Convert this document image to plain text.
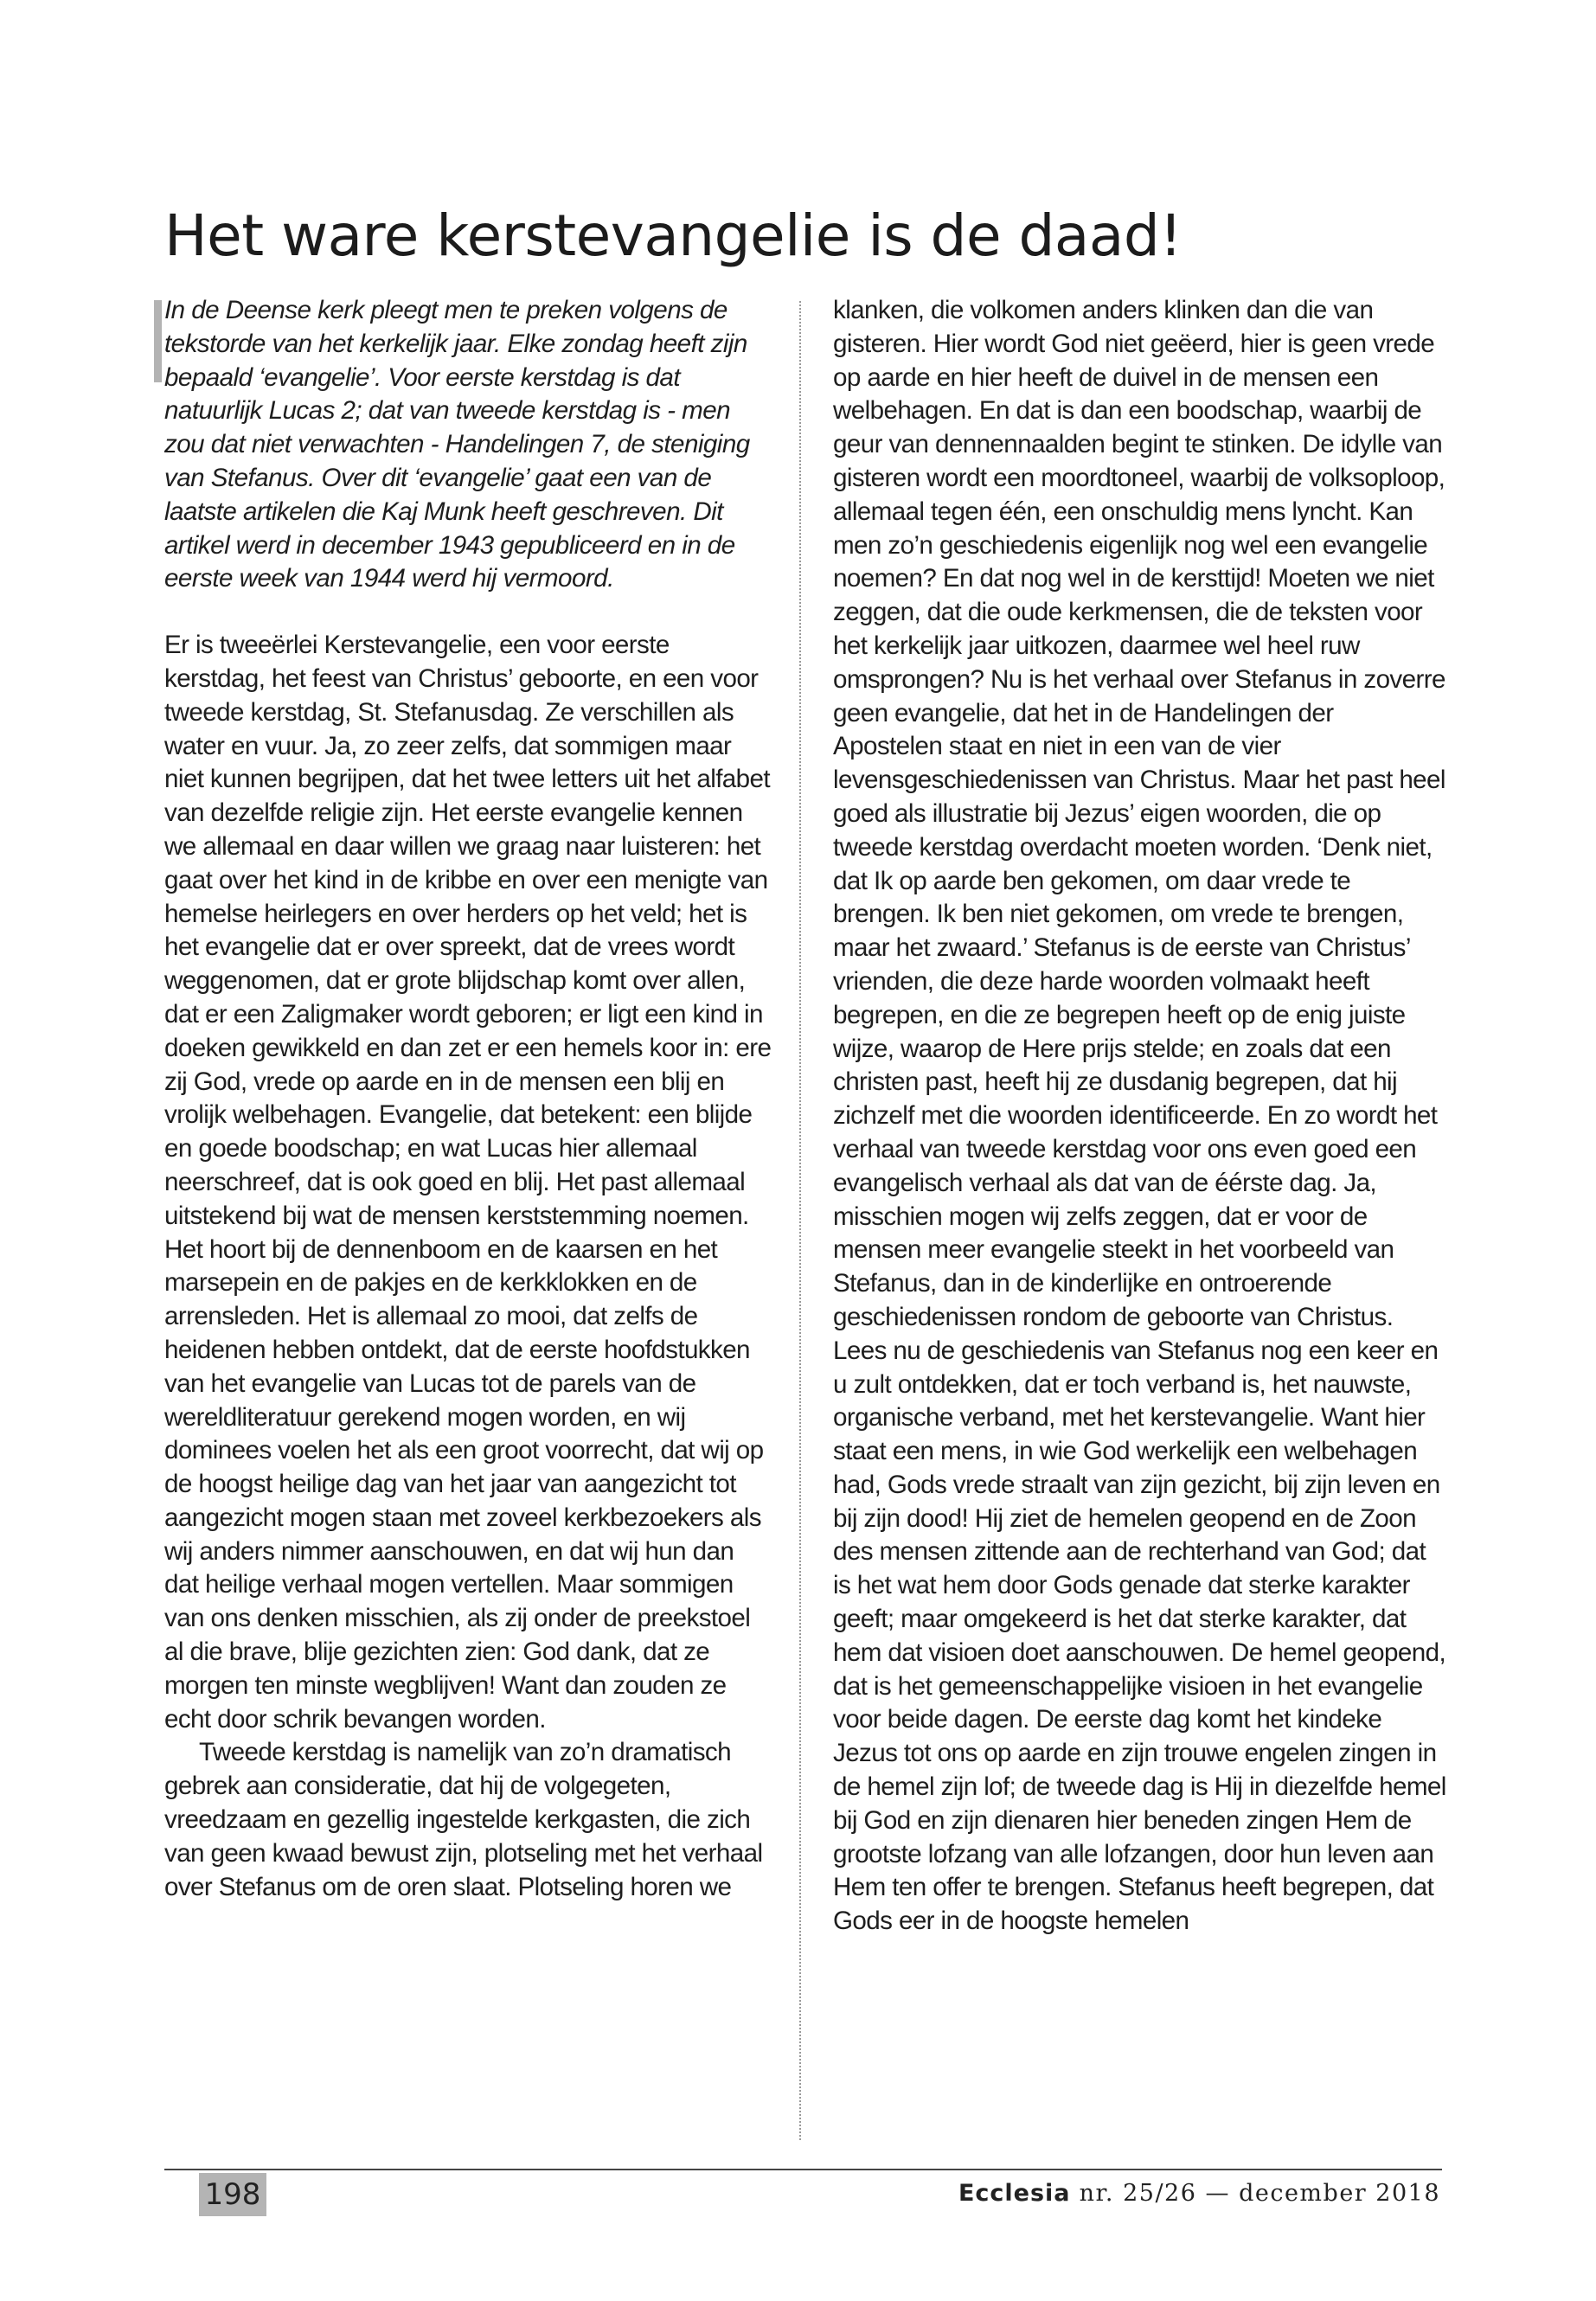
Het ware kerstevangelie is de daad!

In de Deense kerk pleegt men te preken volgens de tekstorde van het kerkelijk jaar. Elke zondag heeft zijn bepaald ‘evangelie’. Voor eerste kerstdag is dat natuurlijk Lucas 2; dat van tweede kerstdag is - men zou dat niet verwachten - Handelingen 7, de steniging van Stefanus. Over dit ‘evangelie’ gaat een van de laatste artikelen die Kaj Munk heeft geschreven. Dit artikel werd in december 1943 gepubliceerd en in de eerste week van 1944 werd hij vermoord.

Er is tweeërlei Kerstevangelie, een voor eerste kerstdag, het feest van Christus’ geboorte, en een voor tweede kerstdag, St. Stefanusdag. Ze verschillen als water en vuur. Ja, zo zeer zelfs, dat sommigen maar niet kunnen begrijpen, dat het twee letters uit het alfabet van dezelfde religie zijn. Het eerste evangelie kennen we allemaal en daar willen we graag naar luisteren: het gaat over het kind in de kribbe en over een menigte van hemelse heirlegers en over herders op het veld; het is het evangelie dat er over spreekt, dat de vrees wordt weggenomen, dat er grote blijdschap komt over allen, dat er een Zaligmaker wordt geboren; er ligt een kind in doeken gewikkeld en dan zet er een hemels koor in: ere zij God, vrede op aarde en in de mensen een blij en vrolijk welbehagen. Evangelie, dat betekent: een blijde en goede boodschap; en wat Lucas hier allemaal neerschreef, dat is ook goed en blij. Het past allemaal uitstekend bij wat de mensen kerststemming noemen. Het hoort bij de dennenboom en de kaarsen en het marsepein en de pakjes en de kerkklokken en de arrensleden. Het is allemaal zo mooi, dat zelfs de heidenen hebben ontdekt, dat de eerste hoofdstukken van het evangelie van Lucas tot de parels van de wereldliteratuur gerekend mogen worden, en wij dominees voelen het als een groot voorrecht, dat wij op de hoogst heilige dag van het jaar van aangezicht tot aangezicht mogen staan met zoveel kerkbezoekers als wij anders nimmer aanschouwen, en dat wij hun dan dat heilige verhaal mogen vertellen. Maar sommigen van ons denken misschien, als zij onder de preekstoel al die brave, blije gezichten zien: God dank, dat ze morgen ten minste wegblijven! Want dan zouden ze echt door schrik bevangen worden.

Tweede kerstdag is namelijk van zo’n dramatisch gebrek aan consideratie, dat hij de volgegeten, vreedzaam en gezellig ingestelde kerkgasten, die zich van geen kwaad bewust zijn, plotseling met het verhaal over Stefanus om de oren slaat. Plotseling horen we

klanken, die volkomen anders klinken dan die van gisteren. Hier wordt God niet geëerd, hier is geen vrede op aarde en hier heeft de duivel in de mensen een welbehagen. En dat is dan een boodschap, waarbij de geur van dennennaalden begint te stinken. De idylle van gisteren wordt een moordtoneel, waarbij de volksoploop, allemaal tegen één, een onschuldig mens lyncht. Kan men zo’n geschiedenis eigenlijk nog wel een evangelie noemen? En dat nog wel in de kersttijd! Moeten we niet zeggen, dat die oude kerkmensen, die de teksten voor het kerkelijk jaar uitkozen, daarmee wel heel ruw omsprongen? Nu is het verhaal over Stefanus in zoverre geen evangelie, dat het in de Handelingen der Apostelen staat en niet in een van de vier levensgeschiedenissen van Christus. Maar het past heel goed als illustratie bij Jezus’ eigen woorden, die op tweede kerstdag overdacht moeten worden. ‘Denk niet, dat Ik op aarde ben gekomen, om daar vrede te brengen. Ik ben niet gekomen, om vrede te brengen, maar het zwaard.’ Stefanus is de eerste van Christus’ vrienden, die deze harde woorden volmaakt heeft begrepen, en die ze begrepen heeft op de enig juiste wijze, waarop de Here prijs stelde; en zoals dat een christen past, heeft hij ze dusdanig begrepen, dat hij zichzelf met die woorden identificeerde. En zo wordt het verhaal van tweede kerstdag voor ons even goed een evangelisch verhaal als dat van de éérste dag. Ja, misschien mogen wij zelfs zeggen, dat er voor de mensen meer evangelie steekt in het voorbeeld van Stefanus, dan in de kinderlijke en ontroerende geschiedenissen rondom de geboorte van Christus. Lees nu de geschiedenis van Stefanus nog een keer en u zult ontdekken, dat er toch verband is, het nauwste, organische verband, met het kerstevangelie. Want hier staat een mens, in wie God werkelijk een welbehagen had, Gods vrede straalt van zijn gezicht, bij zijn leven en bij zijn dood! Hij ziet de hemelen geopend en de Zoon des mensen zittende aan de rechterhand van God; dat is het wat hem door Gods genade dat sterke karakter geeft; maar omgekeerd is het dat sterke karakter, dat hem dat visioen doet aanschouwen. De hemel geopend, dat is het gemeenschappelijke visioen in het evangelie voor beide dagen. De eerste dag komt het kindeke Jezus tot ons op aarde en zijn trouwe engelen zingen in de hemel zijn lof; de tweede dag is Hij in diezelfde hemel bij God en zijn dienaren hier beneden zingen Hem de grootste lofzang van alle lofzangen, door hun leven aan Hem ten offer te brengen. Stefanus heeft begrepen, dat Gods eer in de hoogste hemelen

198	Ecclesia nr. 25/26 — december 2018
